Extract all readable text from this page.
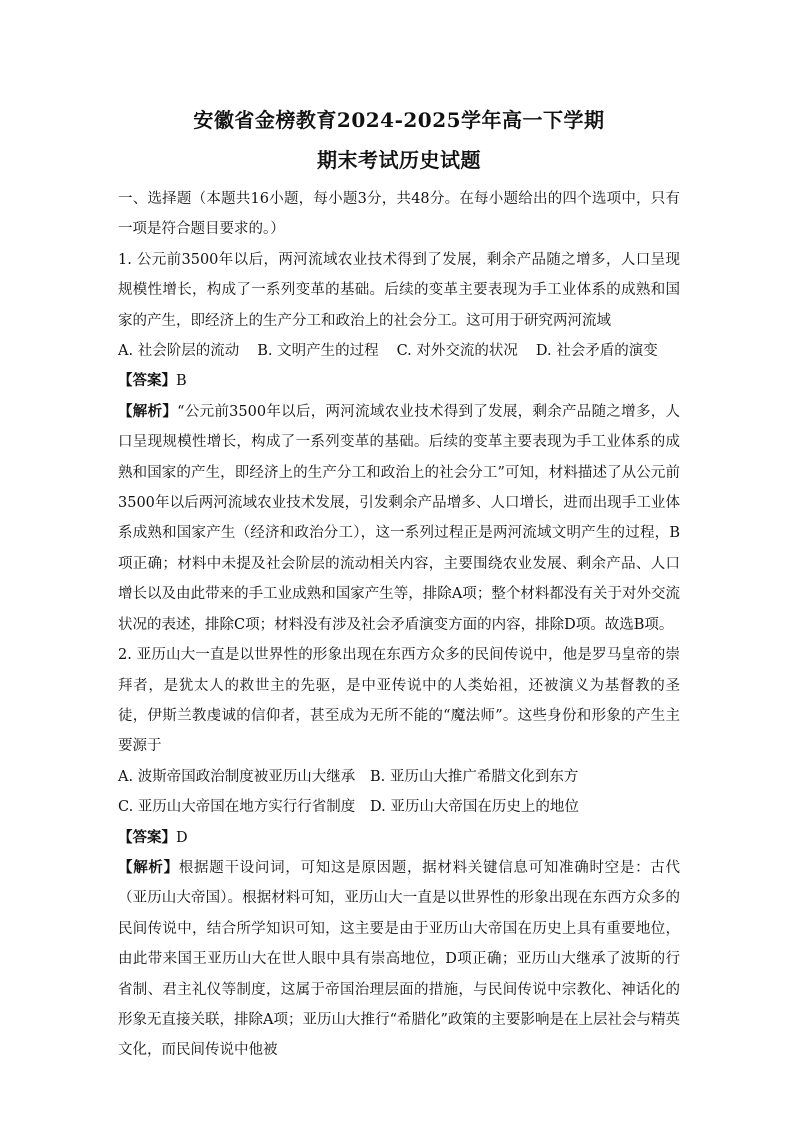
安徽省金榜教育2024-2025学年高一下学期
期末考试历史试题

一、选择题（本题共16小题，每小题3分，共48分。在每小题给出的四个选项中，只有一项是符合题目要求的。）

1. 公元前3500年以后，两河流域农业技术得到了发展，剩余产品随之增多，人口呈现规模性增长，构成了一系列变革的基础。后续的变革主要表现为手工业体系的成熟和国家的产生，即经济上的生产分工和政治上的社会分工。这可用于研究两河流域

A. 社会阶层的流动 B. 文明产生的过程 C. 对外交流的状况 D. 社会矛盾的演变

【答案】B

【解析】“公元前3500年以后，两河流域农业技术得到了发展，剩余产品随之增多，人口呈现规模性增长，构成了一系列变革的基础。后续的变革主要表现为手工业体系的成熟和国家的产生，即经济上的生产分工和政治上的社会分工”可知，材料描述了从公元前3500年以后两河流域农业技术发展，引发剩余产品增多、人口增长，进而出现手工业体系成熟和国家产生（经济和政治分工），这一系列过程正是两河流域文明产生的过程，B项正确；材料中未提及社会阶层的流动相关内容，主要围绕农业发展、剩余产品、人口增长以及由此带来的手工业成熟和国家产生等，排除A项；整个材料都没有关于对外交流状况的表述，排除C项；材料没有涉及社会矛盾演变方面的内容，排除D项。故选B项。

2. 亚历山大一直是以世界性的形象出现在东西方众多的民间传说中，他是罗马皇帝的崇拜者，是犹太人的救世主的先驱，是中亚传说中的人类始祖，还被演义为基督教的圣徒，伊斯兰教虔诚的信仰者，甚至成为无所不能的“魔法师”。这些身份和形象的产生主要源于

A. 波斯帝国政治制度被亚历山大继承	B. 亚历山大推广希腊文化到东方
C. 亚历山大帝国在地方实行行省制度	D. 亚历山大帝国在历史上的地位

【答案】D

【解析】根据题干设问词，可知这是原因题，据材料关键信息可知准确时空是：古代（亚历山大帝国）。根据材料可知，亚历山大一直是以世界性的形象出现在东西方众多的民间传说中，结合所学知识可知，这主要是由于亚历山大帝国在历史上具有重要地位，由此带来国王亚历山大在世人眼中具有崇高地位，D项正确；亚历山大继承了波斯的行省制、君主礼仪等制度，这属于帝国治理层面的措施，与民间传说中宗教化、神话化的形象无直接关联，排除A项；亚历山大推行“希腊化”政策的主要影响是在上层社会与精英文化，而民间传说中他被
